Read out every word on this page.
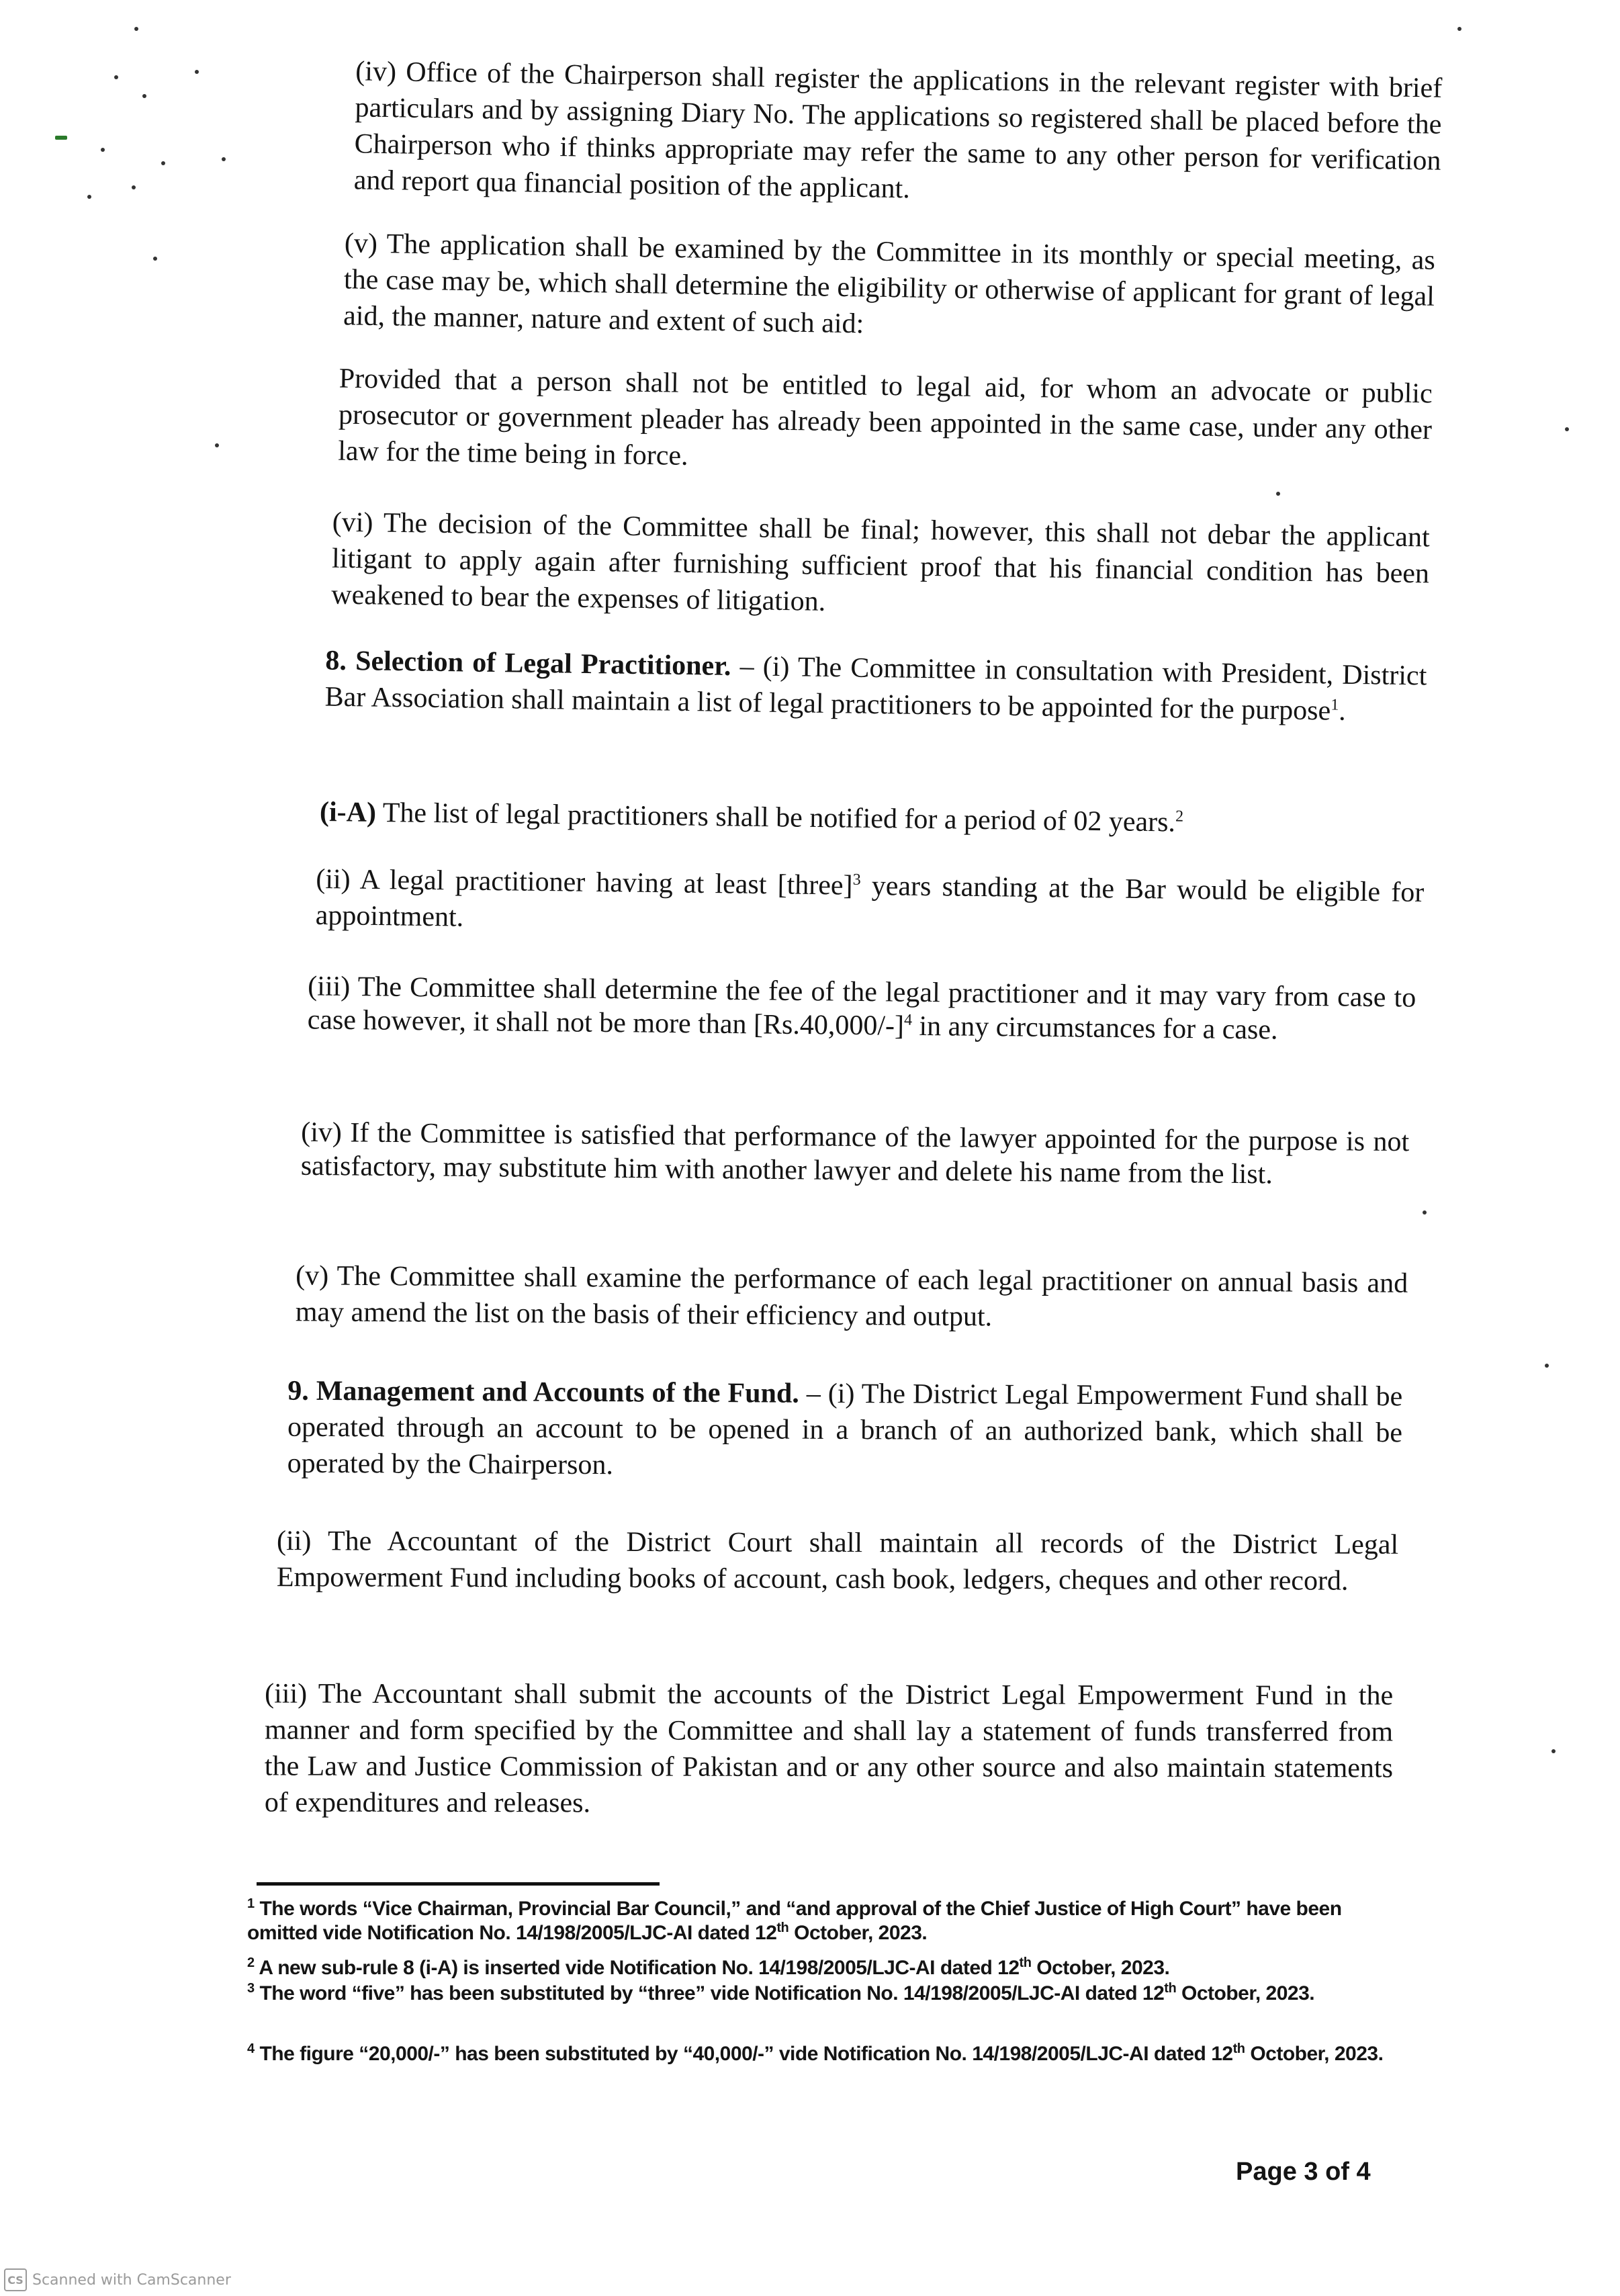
(iv) Office of the Chairperson shall register the applications in the relevant register with brief particulars and by assigning Diary No. The applications so registered shall be placed before the Chairperson who if thinks appropriate may refer the same to any other person for verification and report qua financial position of the applicant.

(v) The application shall be examined by the Committee in its monthly or special meeting, as the case may be, which shall determine the eligibility or otherwise of applicant for grant of legal aid, the manner, nature and extent of such aid:

Provided that a person shall not be entitled to legal aid, for whom an advocate or public prosecutor or government pleader has already been appointed in the same case, under any other law for the time being in force.

(vi) The decision of the Committee shall be final; however, this shall not debar the applicant litigant to apply again after furnishing sufficient proof that his financial condition has been weakened to bear the expenses of litigation.

8. Selection of Legal Practitioner. – (i) The Committee in consultation with President, District Bar Association shall maintain a list of legal practitioners to be appointed for the purpose$^1$.

(i-A) The list of legal practitioners shall be notified for a period of 02 years.$^2$

(ii) A legal practitioner having at least [three]$^3$ years standing at the Bar would be eligible for appointment.

(iii) The Committee shall determine the fee of the legal practitioner and it may vary from case to case however, it shall not be more than $[Rs.40,000/-]^4$ in any circumstances for a case.

(iv) If the Committee is satisfied that performance of the lawyer appointed for the purpose is not satisfactory, may substitute him with another lawyer and delete his name from the list.

(v) The Committee shall examine the performance of each legal practitioner on annual basis and may amend the list on the basis of their efficiency and output.

9. Management and Accounts of the Fund. – (i) The District Legal Empowerment Fund shall be operated through an account to be opened in a branch of an authorized bank, which shall be operated by the Chairperson.

(ii) The Accountant of the District Court shall maintain all records of the District Legal Empowerment Fund including books of account, cash book, ledgers, cheques and other record.

(iii) The Accountant shall submit the accounts of the District Legal Empowerment Fund in the manner and form specified by the Committee and shall lay a statement of funds transferred from the Law and Justice Commission of Pakistan and or any other source and also maintain statements of expenditures and releases.

$^1$ The words “Vice Chairman, Provincial Bar Council,” and “and approval of the Chief Justice of High Court” have been omitted vide Notification No. 14/198/2005/LJC-AI dated 12th October, 2023.

$^2$ A new sub-rule 8 (i-A) is inserted vide Notification No. 14/198/2005/LJC-AI dated 12th October, 2023.

$^3$ The word “five” has been substituted by “three” vide Notification No. 14/198/2005/LJC-AI dated 12th October, 2023.

$^4$ The figure “20,000/-” has been substituted by “40,000/-” vide Notification No. 14/198/2005/LJC-AI dated 12th October, 2023.

Page 3 of 4
CS Scanned with CamScanner
